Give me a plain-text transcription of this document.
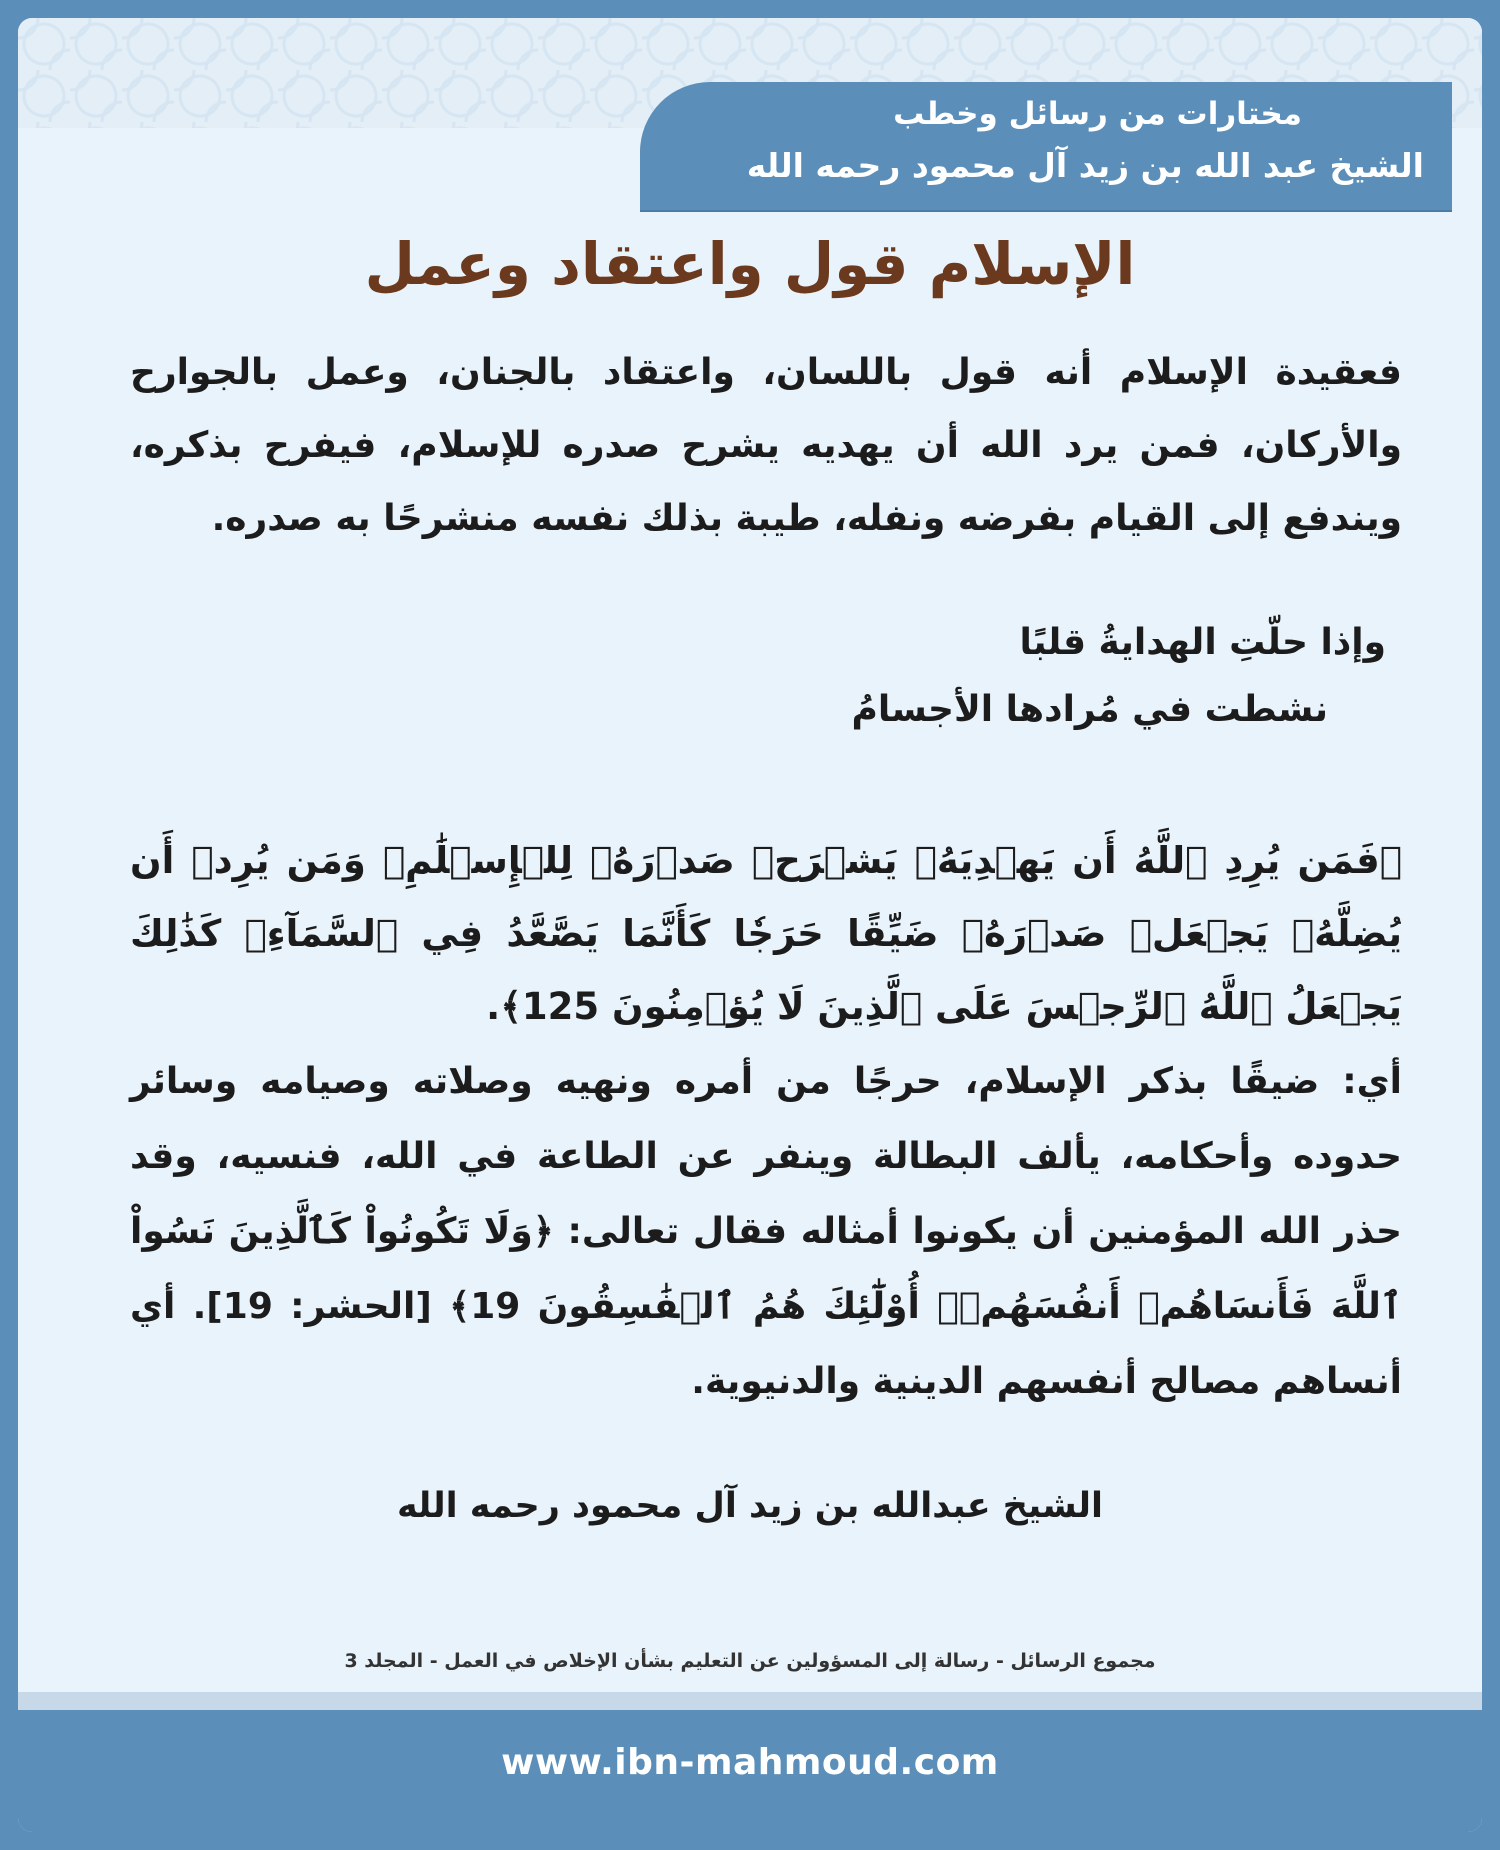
مختارات من رسائل وخطب
الشيخ عبد الله بن زيد آل محمود رحمه الله
الإسلام قول واعتقاد وعمل
فعقيدة الإسلام أنه قول باللسان، واعتقاد بالجنان، وعمل بالجوارح والأركان، فمن يرد الله أن يهديه يشرح صدره للإسلام، فيفرح بذكره، ويندفع إلى القيام بفرضه ونفله، طيبة بذلك نفسه منشرحًا به صدره.
وإذا حلّتِ الهدايةُ قلبًا
نشطت في مُرادها الأجسامُ
﴿فَمَن يُرِدِ ٱللَّهُ أَن يَهۡدِيَهُۥ يَشۡرَحۡ صَدۡرَهُۥ لِلۡإِسۡلَٰمِۖ وَمَن يُرِدۡ أَن يُضِلَّهُۥ يَجۡعَلۡ صَدۡرَهُۥ ضَيِّقًا حَرَجٗا كَأَنَّمَا يَصَّعَّدُ فِي ٱلسَّمَآءِۚ كَذَٰلِكَ يَجۡعَلُ ٱللَّهُ ٱلرِّجۡسَ عَلَى ٱلَّذِينَ لَا يُؤۡمِنُونَ 125﴾.
أي: ضيقًا بذكر الإسلام، حرجًا من أمره ونهيه وصلاته وصيامه وسائر حدوده وأحكامه، يألف البطالة وينفر عن الطاعة في الله، فنسيه، وقد حذر الله المؤمنين أن يكونوا أمثاله فقال تعالى: ﴿وَلَا تَكُونُواْ كَٱلَّذِينَ نَسُواْ ٱللَّهَ فَأَنسَاهُمۡ أَنفُسَهُمۡۚ أُوْلَٰٓئِكَ هُمُ ٱلۡفَٰسِقُونَ 19﴾ [الحشر: 19]. أي أنساهم مصالح أنفسهم الدينية والدنيوية.
الشيخ عبدالله بن زيد آل محمود رحمه الله
مجموع الرسائل - رسالة إلى المسؤولين عن التعليم بشأن الإخلاص في العمل - المجلد 3
www.ibn-mahmoud.com
